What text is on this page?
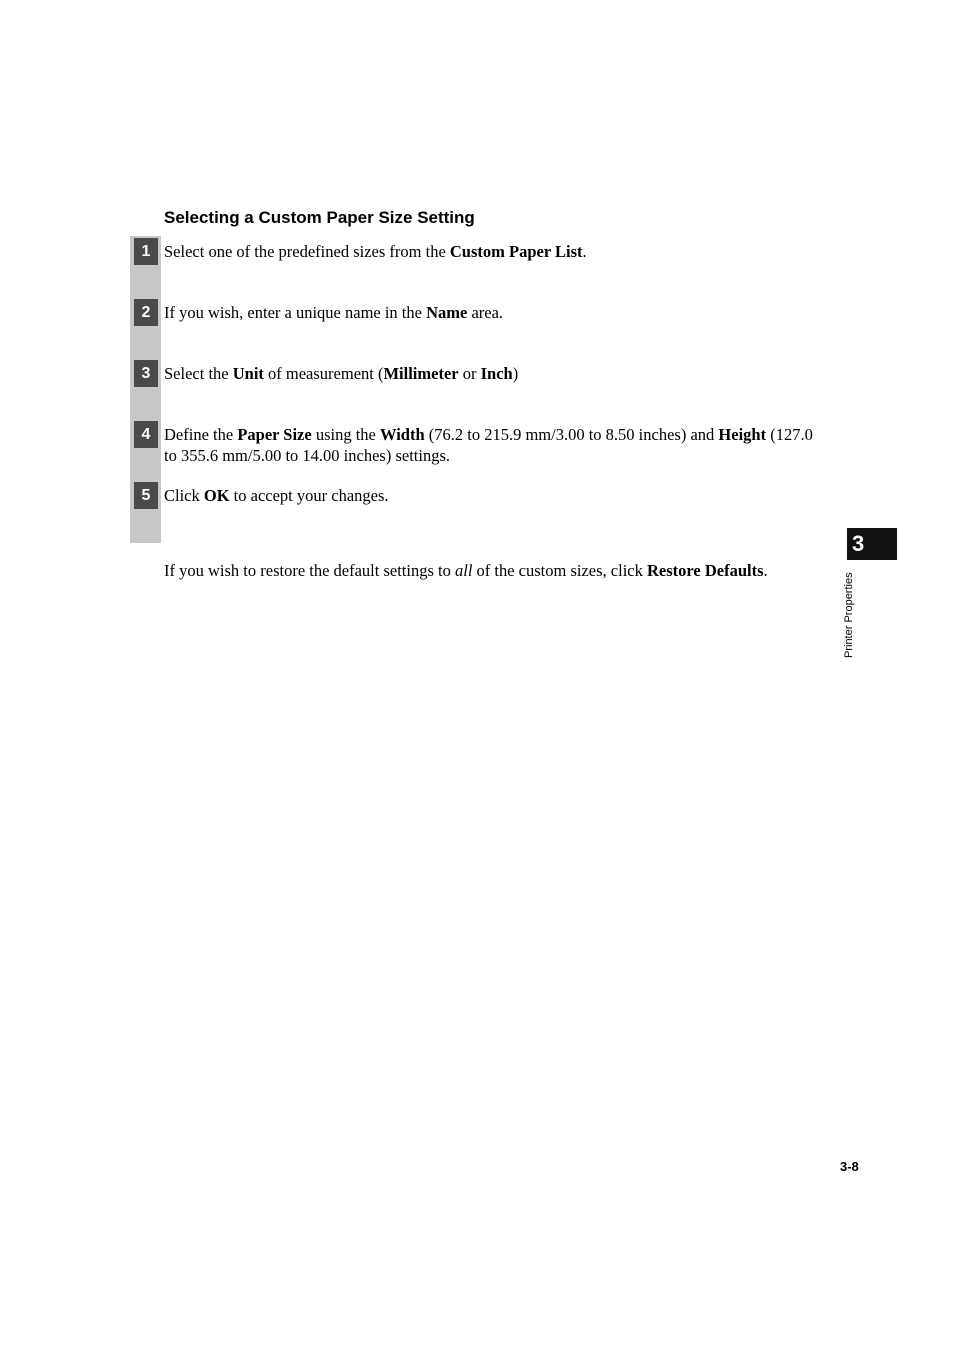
Selecting a Custom Paper Size Setting
1 Select one of the predefined sizes from the Custom Paper List.
2 If you wish, enter a unique name in the Name area.
3 Select the Unit of measurement (Millimeter or Inch)
4 Define the Paper Size using the Width (76.2 to 215.9 mm/3.00 to 8.50 inches) and Height (127.0 to 355.6 mm/5.00 to 14.00 inches) settings.
5 Click OK to accept your changes.
If you wish to restore the default settings to all of the custom sizes, click Restore Defaults.
3
Printer Properties
3-8
